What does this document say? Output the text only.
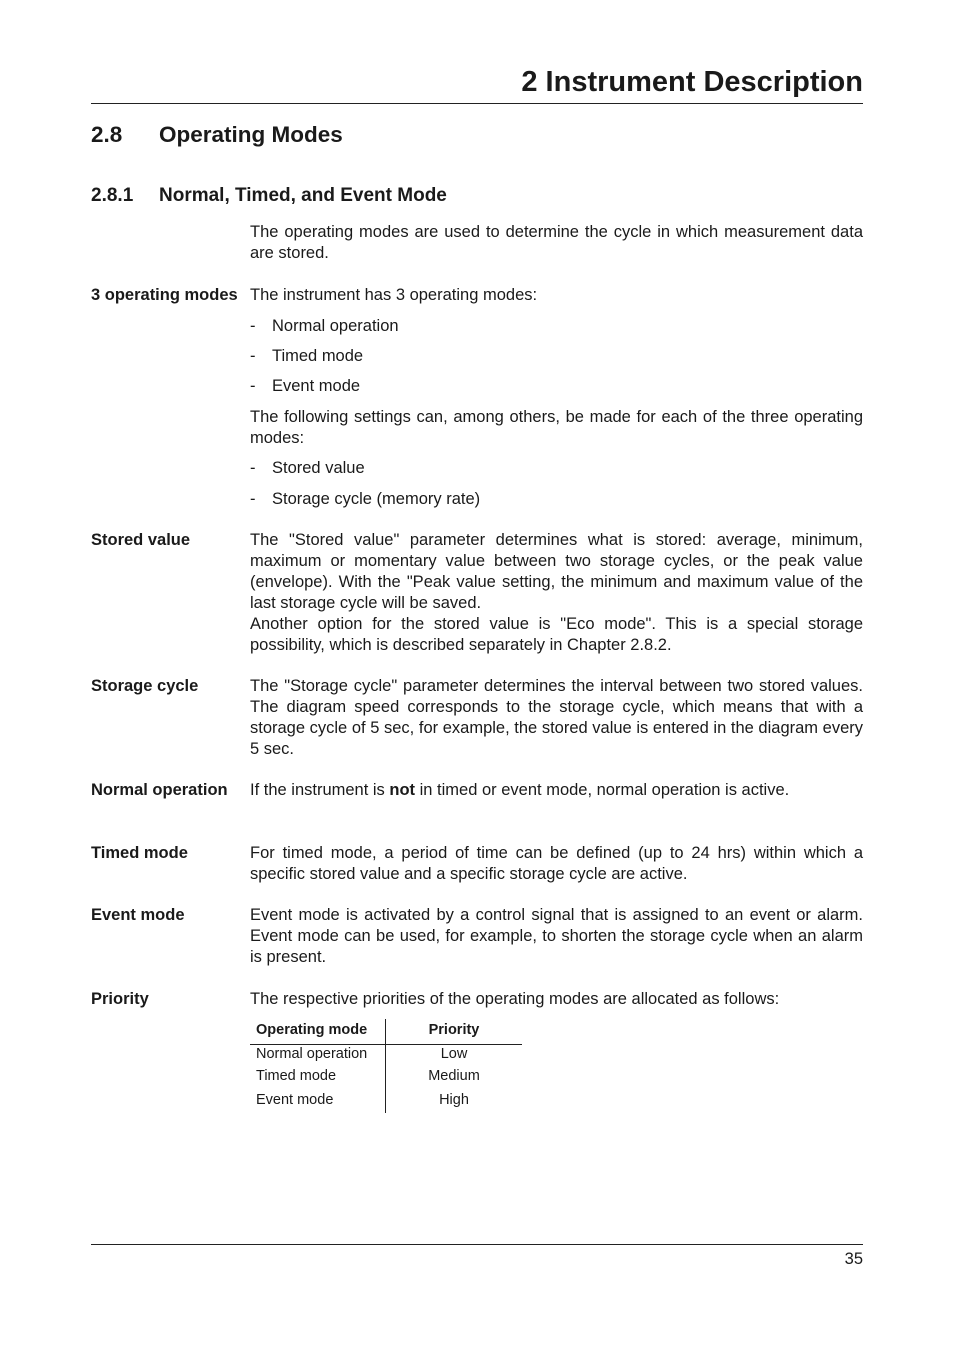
2 Instrument Description
2.8 Operating Modes
2.8.1 Normal, Timed, and Event Mode
The operating modes are used to determine the cycle in which measurement data are stored.
3 operating modes The instrument has 3 operating modes:
- Normal operation
- Timed mode
- Event mode
The following settings can, among others, be made for each of the three operating modes:
- Stored value
- Storage cycle (memory rate)
Stored value	The "Stored value" parameter determines what is stored: average, minimum, maximum or momentary value between two storage cycles, or the peak value (envelope). With the "Peak value setting, the minimum and maximum value of the last storage cycle will be saved.
Another option for the stored value is "Eco mode". This is a special storage possibility, which is described separately in Chapter 2.8.2.
Storage cycle	The "Storage cycle" parameter determines the interval between two stored values. The diagram speed corresponds to the storage cycle, which means that with a storage cycle of 5 sec, for example, the stored value is entered in the diagram every 5 sec.
Normal operation	If the instrument is not in timed or event mode, normal operation is active.
Timed mode	For timed mode, a period of time can be defined (up to 24 hrs) within which a specific stored value and a specific storage cycle are active.
Event mode	Event mode is activated by a control signal that is assigned to an event or alarm. Event mode can be used, for example, to shorten the storage cycle when an alarm is present.
Priority	The respective priorities of the operating modes are allocated as follows:
Operating mode	Priority
Normal operation	Low
Timed mode	Medium
Event mode	High
35
